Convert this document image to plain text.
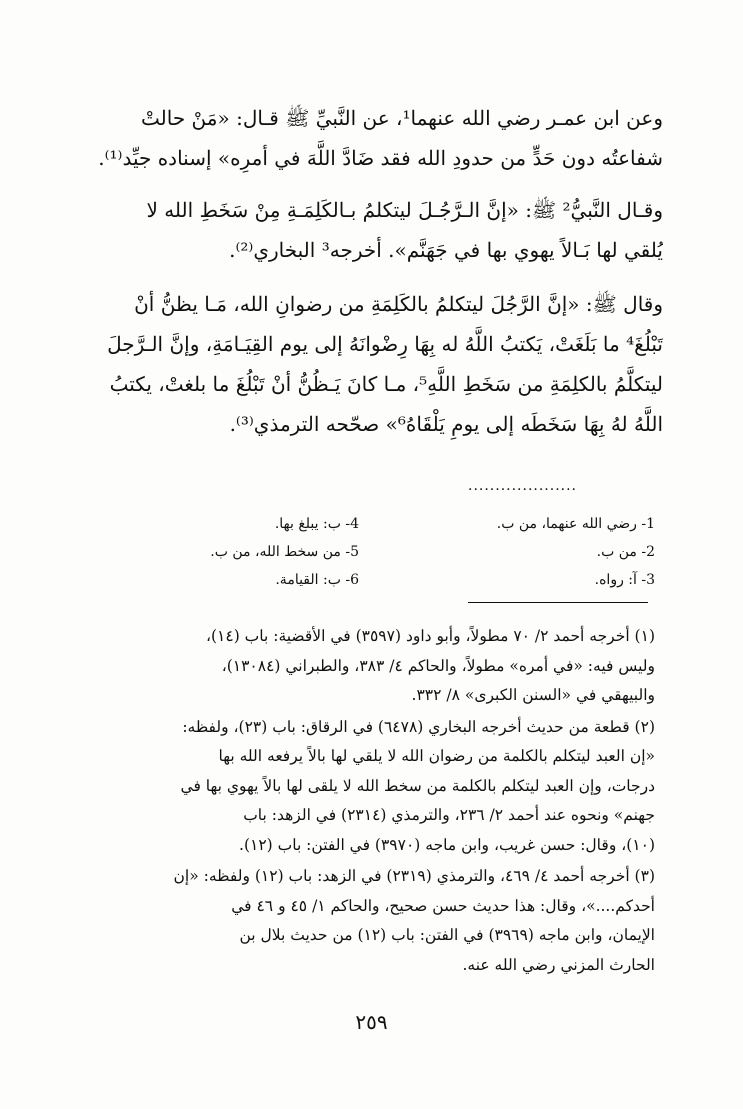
وعن ابن عمـر رضي الله عنهما¹، عن النَّبيِّ ﷺ قـال: «مَنْ حالتْ
شفاعتُه دون حَدٍّ من حدودِ الله فقد ضَادَّ اللَّهَ في أمرِه» إسناده جيِّد⁽¹⁾.

وقـال النَّبيُّ² ﷺ: «إنَّ الـرَّجُـلَ ليتكلمُ بـالكَلِمَـةِ مِنْ سَخَطِ الله لا
يُلقي لها بَـالاً يهوي بها في جَهَنَّم». أخرجه³ البخاري⁽²⁾.

وقال ﷺ: «إنَّ الرَّجُلَ ليتكلمُ بالكَلِمَةِ من رضوانِ الله، مَـا يظنُّ أنْ
تَبْلُغَ⁴ ما بَلَغَتْ، يَكتبُ اللَّهُ له بِهَا رِضْوانَهُ إلى يوم القِيَـامَةِ، وإنَّ الـرَّجلَ
ليتكلَّمُ بالكلِمَةِ من سَخَطِ اللَّهِ⁵، مـا كانَ يَـظُنُّ أنْ تَبْلُغَ ما بلغتْ، يكتبُ
اللَّهُ لهُ بِهَا سَخَطَه إلى يومِ يَلْقَاهُ⁶» صحّحه الترمذي⁽³⁾.

....................
1- رضي الله عنهما، من ب.
2- من ب.
3- آ: رواه.
4- ب: يبلغ بها.
5- من سخط الله، من ب.
6- ب: القيامة.
(١) أخرجه أحمد ٢/ ٧٠ مطولاً، وأبو داود (٣٥٩٧) في الأقضية: باب (١٤)،
وليس فيه: «في أمره» مطولاً، والحاكم ٤/ ٣٨٣، والطبراني (١٣٠٨٤)،
والبيهقي في «السنن الكبرى» ٨/ ٣٣٢.
(٢) قطعة من حديث أخرجه البخاري (٦٤٧٨) في الرقاق: باب (٢٣)، ولفظه:
«إن العبد ليتكلم بالكلمة من رضوان الله لا يلقي لها بالاً يرفعه الله بها
درجات، وإن العبد ليتكلم بالكلمة من سخط الله لا يلقى لها بالاً يهوي بها في
جهنم» ونحوه عند أحمد ٢/ ٢٣٦، والترمذي (٢٣١٤) في الزهد: باب
(١٠)، وقال: حسن غريب، وابن ماجه (٣٩٧٠) في الفتن: باب (١٢).
(٣) أخرجه أحمد ٤/ ٤٦٩، والترمذي (٢٣١٩) في الزهد: باب (١٢) ولفظه: «إن
أحدكم....»، وقال: هذا حديث حسن صحيح، والحاكم ١/ ٤٥ و ٤٦ في
الإيمان، وابن ماجه (٣٩٦٩) في الفتن: باب (١٢) من حديث بلال بن
الحارث المزني رضي الله عنه.
٢٥٩
